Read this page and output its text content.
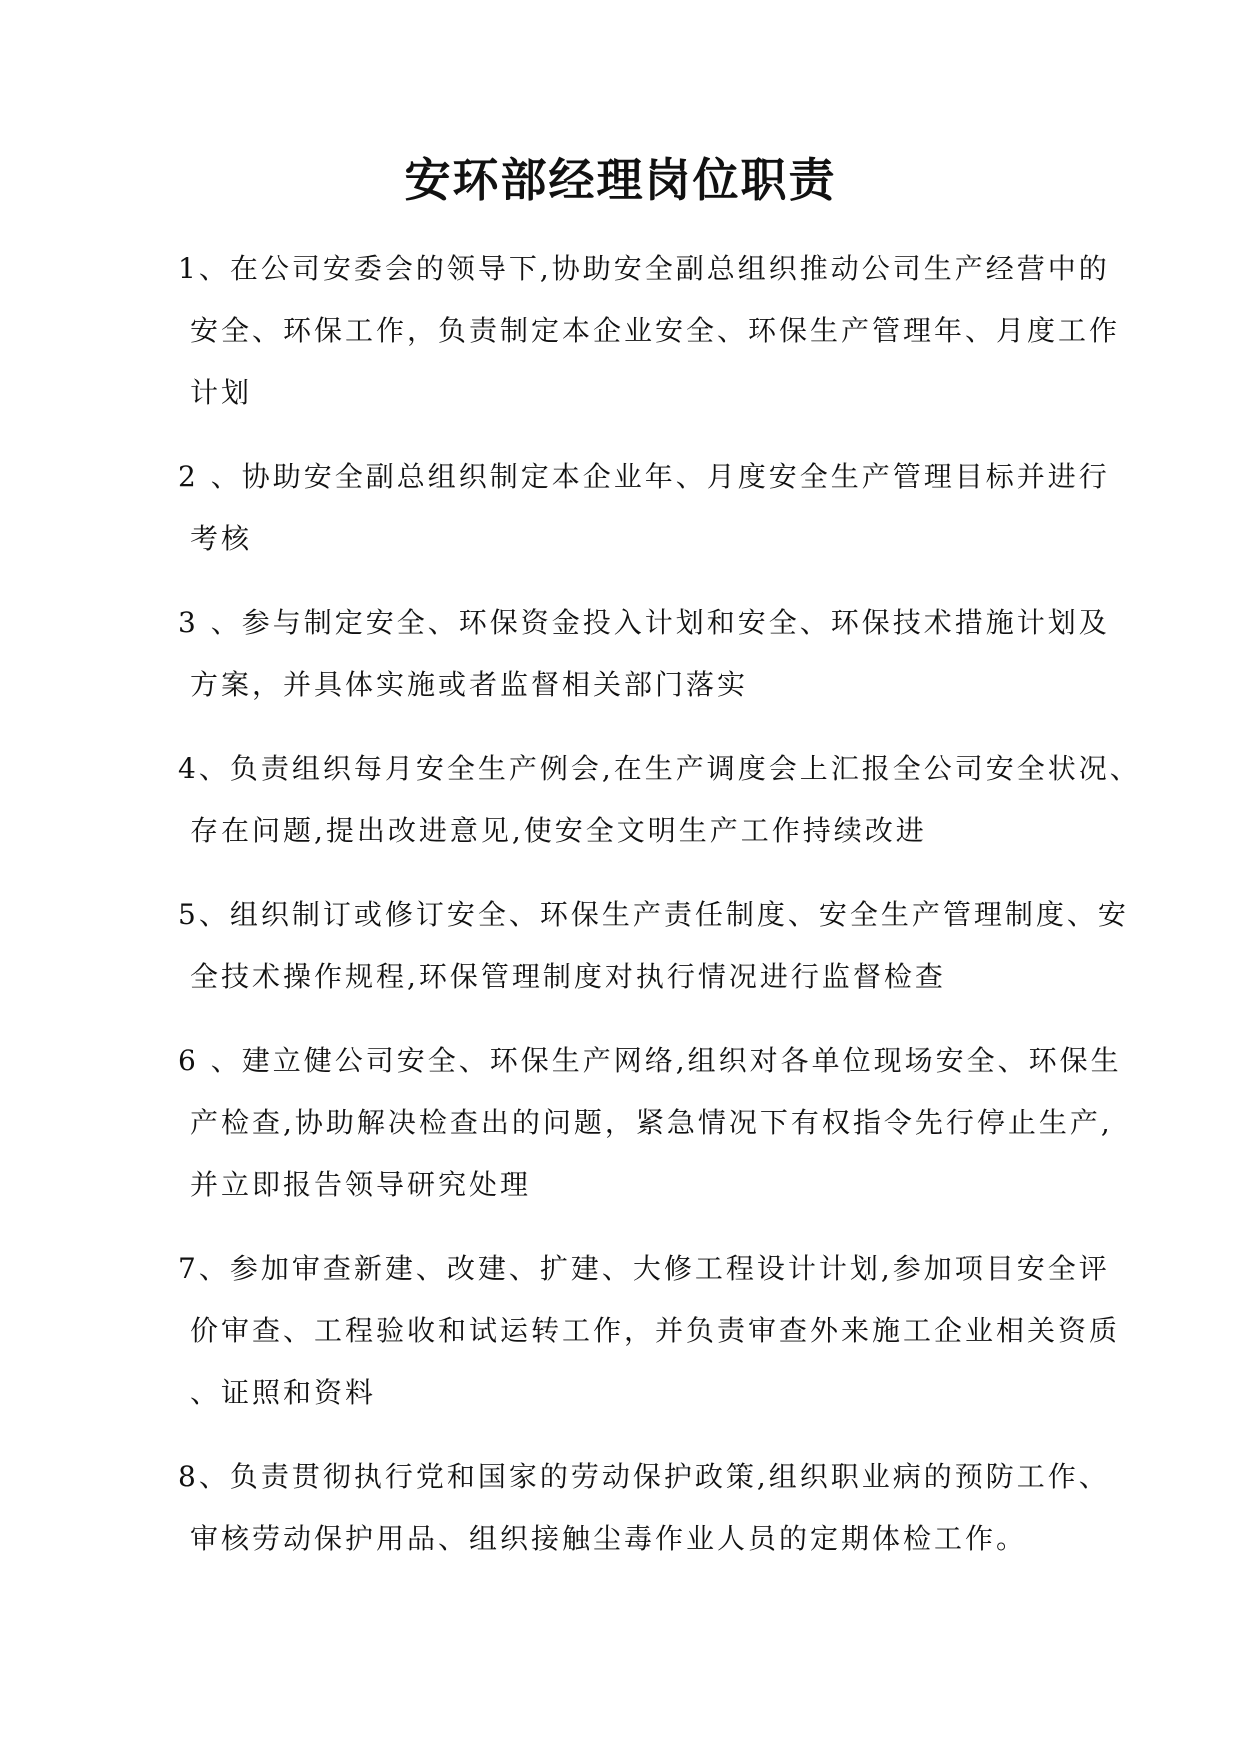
安环部经理岗位职责
1、在公司安委会的领导下,协助安全副总组织推动公司生产经营中的
安全、环保工作，负责制定本企业安全、环保生产管理年、月度工作
计划
2 、协助安全副总组织制定本企业年、月度安全生产管理目标并进行
考核
3 、参与制定安全、环保资金投入计划和安全、环保技术措施计划及
方案，并具体实施或者监督相关部门落实
4、负责组织每月安全生产例会,在生产调度会上汇报全公司安全状况、
存在问题,提出改进意见,使安全文明生产工作持续改进
5、组织制订或修订安全、环保生产责任制度、安全生产管理制度、安
全技术操作规程,环保管理制度对执行情况进行监督检查
6 、建立健公司安全、环保生产网络,组织对各单位现场安全、环保生
产检查,协助解决检查出的问题，紧急情况下有权指令先行停止生产,
并立即报告领导研究处理
7、参加审查新建、改建、扩建、大修工程设计计划,参加项目安全评
价审查、工程验收和试运转工作，并负责审查外来施工企业相关资质
、证照和资料
8、负责贯彻执行党和国家的劳动保护政策,组织职业病的预防工作、
审核劳动保护用品、组织接触尘毒作业人员的定期体检工作。
